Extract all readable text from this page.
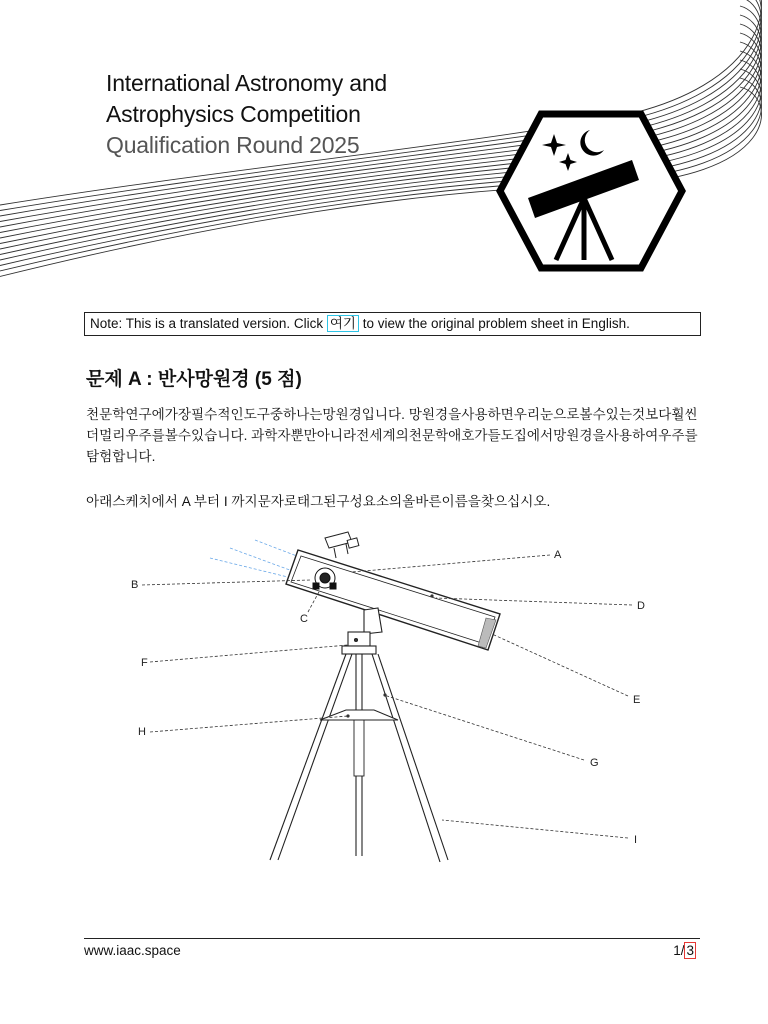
International Astronomy and
Astrophysics Competition
Qualification Round 2025
Note: This is a translated version. Click 여기 to view the original problem sheet in English.
문제 A : 반사망원경 (5 점)

천문학연구에가장필수적인도구중하나는망원경입니다. 망원경을사용하면우리눈으로볼수있는것보다훨씬더멀리우주를볼수있습니다. 과학자뿐만아니라전세계의천문학애호가들도집에서망원경을사용하여우주를탐험합니다.

아래스케치에서 A 부터 I 까지문자로태그된구성요소의올바른이름을찾으십시오.

A
B
C
D
E
F
G
H
I
www.iaac.space	1/ 3
